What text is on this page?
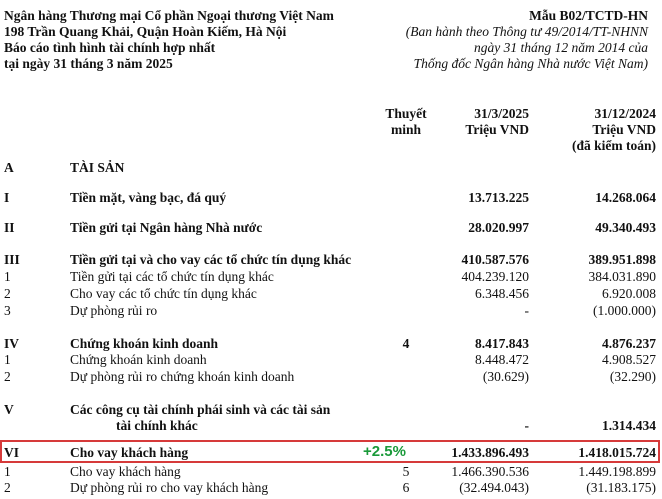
Ngân hàng Thương mại Cổ phần Ngoại thương Việt Nam
198 Trần Quang Khải, Quận Hoàn Kiếm, Hà Nội
Báo cáo tình hình tài chính hợp nhất
tại ngày 31 tháng 3 năm 2025
Mẫu B02/TCTD-HN
(Ban hành theo Thông tư 49/2014/TT-NHNN
ngày 31 tháng 12 năm 2014 của
Thống đốc Ngân hàng Nhà nước Việt Nam)
Thuyết
minh
31/3/2025
Triệu VND
31/12/2024
Triệu VND
(đã kiểm toán)
A	TÀI SẢN
I	Tiền mặt, vàng bạc, đá quý	13.713.225	14.268.064
II	Tiền gửi tại Ngân hàng Nhà nước	28.020.997	49.340.493
III	Tiền gửi tại và cho vay các tổ chức tín dụng khác	410.587.576	389.951.898
1	Tiền gửi tại các tổ chức tín dụng khác	404.239.120	384.031.890
2	Cho vay các tổ chức tín dụng khác	6.348.456	6.920.008
3	Dự phòng rủi ro	-	(1.000.000)
IV	Chứng khoán kinh doanh	4	8.417.843	4.876.237
1	Chứng khoán kinh doanh	8.448.472	4.908.527
2	Dự phòng rủi ro chứng khoán kinh doanh	(30.629)	(32.290)
V	Các công cụ tài chính phái sinh và các tài sản
tài chính khác	-	1.314.434
VI	Cho vay khách hàng	+2.5%	1.433.896.493	1.418.015.724
1	Cho vay khách hàng	5	1.466.390.536	1.449.198.899
2	Dự phòng rủi ro cho vay khách hàng	6	(32.494.043)	(31.183.175)
